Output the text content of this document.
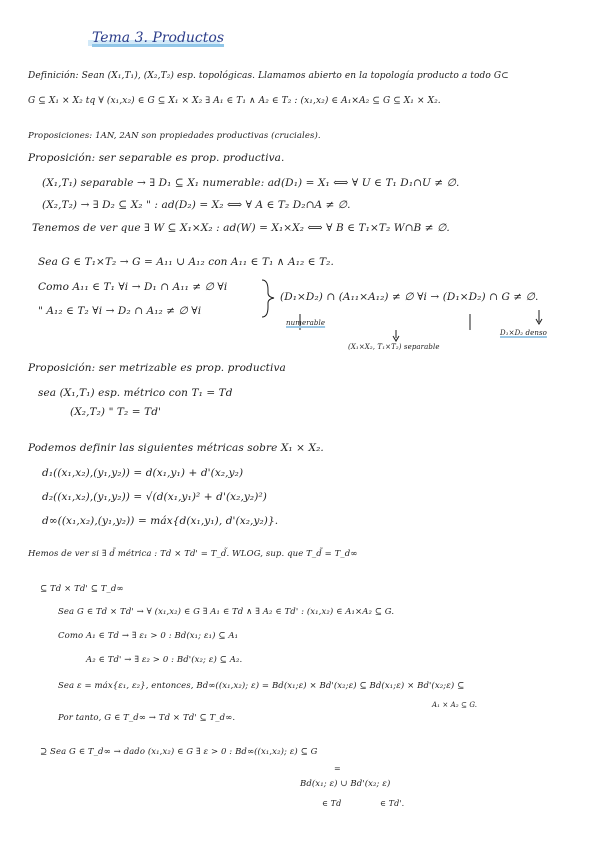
Tema 3. Productos
Definición: Sean (X₁,T₁), (X₂,T₂) esp. topológicas. Llamamos abierto en la topología producto a todo G⊂
G ⊆ X₁ × X₂ tq ∀ (x₁,x₂) ∈ G ⊆ X₁ × X₂ ∃ A₁ ∈ T₁ ∧ A₂ ∈ T₂ : (x₁,x₂) ∈ A₁×A₂ ⊆ G ⊆ X₁ × X₂.
Proposiciones: 1AN, 2AN son propiedades productivas (cruciales).
Proposición: ser separable es prop. productiva.
(X₁,T₁) separable → ∃ D₁ ⊆ X₁ numerable: ad(D₁) = X₁ ⟺ ∀ U ∈ T₁ D₁∩U ≠ ∅.
(X₂,T₂) → ∃ D₂ ⊆ X₂ " : ad(D₂) = X₂ ⟺ ∀ A ∈ T₂ D₂∩A ≠ ∅.
Tenemos de ver que ∃ W ⊆ X₁×X₂ : ad(W) = X₁×X₂ ⟺ ∀ B ∈ T₁×T₂ W∩B ≠ ∅.
Sea G ∈ T₁×T₂ → G = A₁₁ ∪ A₁₂ con A₁₁ ∈ T₁ ∧ A₁₂ ∈ T₂.
Como A₁₁ ∈ T₁ ∀i → D₁ ∩ A₁₁ ≠ ∅ ∀i
" A₁₂ ∈ T₂ ∀i → D₂ ∩ A₁₂ ≠ ∅ ∀i
(D₁×D₂) ∩ (A₁₁×A₁₂) ≠ ∅ ∀i → (D₁×D₂) ∩ G ≠ ∅.
numerable
D₁×D₂ denso
(X₁×X₂, T₁×T₂) separable
Proposición: ser metrizable es prop. productiva
sea (X₁,T₁) esp. métrico con T₁ = Td
(X₂,T₂) " T₂ = Td'
Podemos definir las siguientes métricas sobre X₁ × X₂.
d₁((x₁,x₂),(y₁,y₂)) = d(x₁,y₁) + d'(x₂,y₂)
d₂((x₁,x₂),(y₁,y₂)) = √(d(x₁,y₁)² + d'(x₂,y₂)²)
d∞((x₁,x₂),(y₁,y₂)) = máx{d(x₁,y₁), d'(x₂,y₂)}.
Hemos de ver si ∃ d̃ métrica : Td × Td' = T_d̃. WLOG, sup. que T_d̃ = T_d∞
⊆ Td × Td' ⊆ T_d∞
Sea G ∈ Td × Td' → ∀ (x₁,x₂) ∈ G ∃ A₁ ∈ Td ∧ ∃ A₂ ∈ Td' : (x₁,x₂) ∈ A₁×A₂ ⊆ G.
Como A₁ ∈ Td → ∃ ε₁ > 0 : Bd(x₁; ε₁) ⊆ A₁
A₂ ∈ Td' → ∃ ε₂ > 0 : Bd'(x₂; ε) ⊆ A₂.
Sea ε = máx{ε₁, ε₂}, entonces, Bd∞((x₁,x₂); ε) = Bd(x₁;ε) × Bd'(x₂;ε) ⊆ Bd(x₁;ε) × Bd'(x₂;ε) ⊆
A₁ × A₂ ⊆ G.
Por tanto, G ∈ T_d∞ → Td × Td' ⊆ T_d∞.
⊇ Sea G ∈ T_d∞ → dado (x₁,x₂) ∈ G ∃ ε > 0 : Bd∞((x₁,x₂); ε) ⊆ G
=
Bd(x₁; ε) ∪ Bd'(x₂; ε)
∈ Td	∈ Td'.
